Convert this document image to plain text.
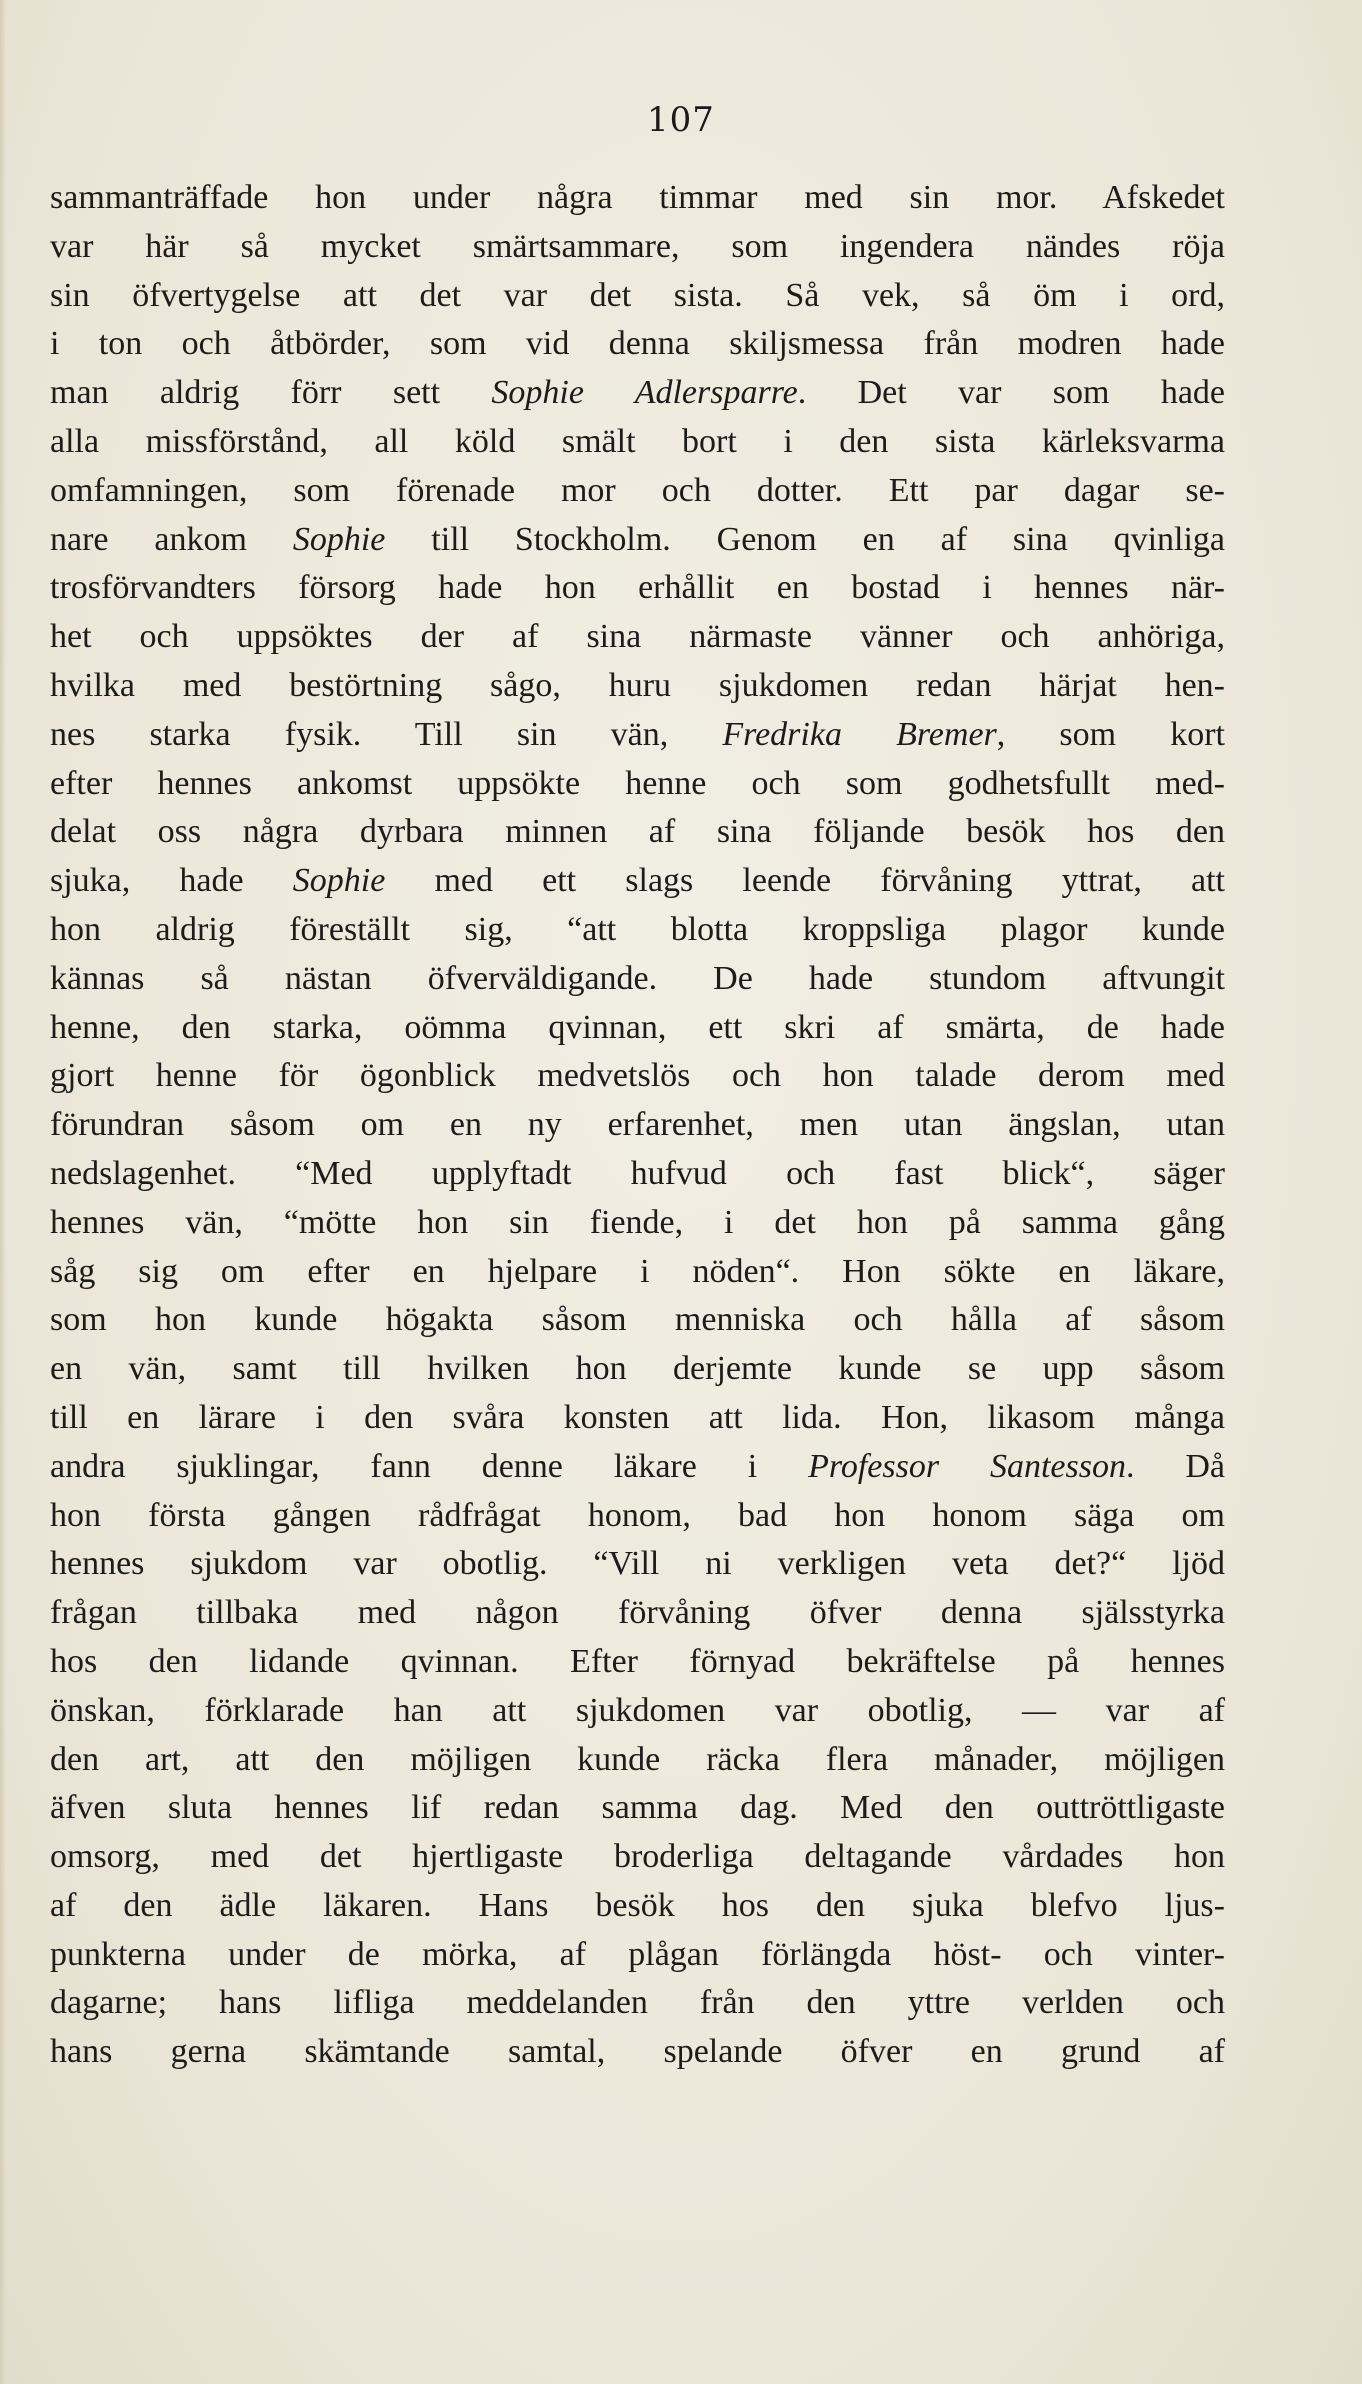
107
sammanträffade hon under några timmar med sin mor. Afskedet
var här så mycket smärtsammare, som ingendera nändes röja
sin öfvertygelse att det var det sista. Så vek, så öm i ord,
i ton och åtbörder, som vid denna skiljsmessa från modren hade
man aldrig förr sett Sophie Adlersparre. Det var som hade
alla missförstånd, all köld smält bort i den sista kärleksvarma
omfamningen, som förenade mor och dotter. Ett par dagar se-
nare ankom Sophie till Stockholm. Genom en af sina qvinliga
trosförvandters försorg hade hon erhållit en bostad i hennes när-
het och uppsöktes der af sina närmaste vänner och anhöriga,
hvilka med bestörtning sågo, huru sjukdomen redan härjat hen-
nes starka fysik. Till sin vän, Fredrika Bremer, som kort
efter hennes ankomst uppsökte henne och som godhetsfullt med-
delat oss några dyrbara minnen af sina följande besök hos den
sjuka, hade Sophie med ett slags leende förvåning yttrat, att
hon aldrig föreställt sig, “att blotta kroppsliga plagor kunde
kännas så nästan öfverväldigande. De hade stundom aftvungit
henne, den starka, oömma qvinnan, ett skri af smärta, de hade
gjort henne för ögonblick medvetslös och hon talade derom med
förundran såsom om en ny erfarenhet, men utan ängslan, utan
nedslagenhet. “Med upplyftadt hufvud och fast blick“, säger
hennes vän, “mötte hon sin fiende, i det hon på samma gång
såg sig om efter en hjelpare i nöden“. Hon sökte en läkare,
som hon kunde högakta såsom menniska och hålla af såsom
en vän, samt till hvilken hon derjemte kunde se upp såsom
till en lärare i den svåra konsten att lida. Hon, likasom många
andra sjuklingar, fann denne läkare i Professor Santesson. Då
hon första gången rådfrågat honom, bad hon honom säga om
hennes sjukdom var obotlig. “Vill ni verkligen veta det?“ ljöd
frågan tillbaka med någon förvåning öfver denna själsstyrka
hos den lidande qvinnan. Efter förnyad bekräftelse på hennes
önskan, förklarade han att sjukdomen var obotlig, — var af
den art, att den möjligen kunde räcka flera månader, möjligen
äfven sluta hennes lif redan samma dag. Med den outtröttligaste
omsorg, med det hjertligaste broderliga deltagande vårdades hon
af den ädle läkaren. Hans besök hos den sjuka blefvo ljus-
punkterna under de mörka, af plågan förlängda höst- och vinter-
dagarne; hans lifliga meddelanden från den yttre verlden och
hans gerna skämtande samtal, spelande öfver en grund af
